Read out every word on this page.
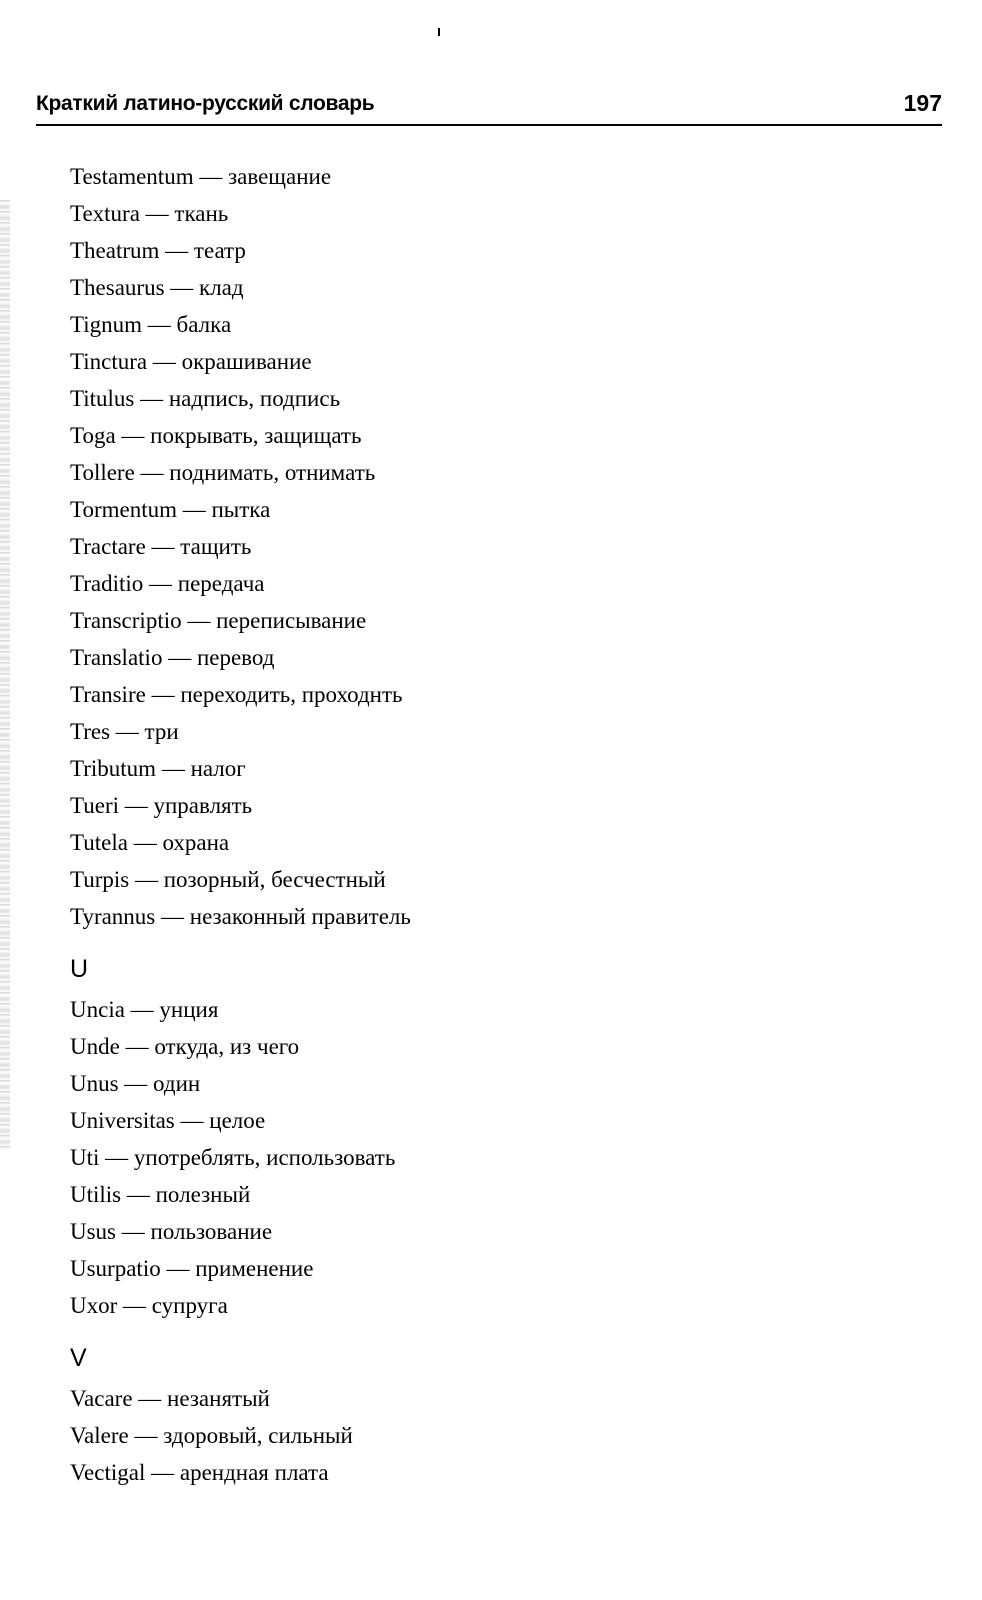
Краткий латино-русский словарь	197
Testamentum — завещание
Textura — ткань
Theatrum — театр
Thesaurus — клад
Tignum — балка
Tinctura — окрашивание
Titulus — надпись, подпись
Toga — покрывать, защищать
Tollere — поднимать, отнимать
Tormentum — пытка
Tractare — тащить
Traditio — передача
Transcriptio — переписывание
Translatio — перевод
Transire — переходить, проходнть
Tres — три
Tributum — налог
Tueri — управлять
Tutela — охрана
Turpis — позорный, бесчестный
Tyrannus — незаконный правитель
U
Uncia — унция
Unde — откуда, из чего
Unus — один
Universitas — целое
Uti — употреблять, использовать
Utilis — полезный
Usus — пользование
Usurpatio — применение
Uxor — супруга
V
Vacare — незанятый
Valere — здоровый, сильный
Vectigal — арендная плата
